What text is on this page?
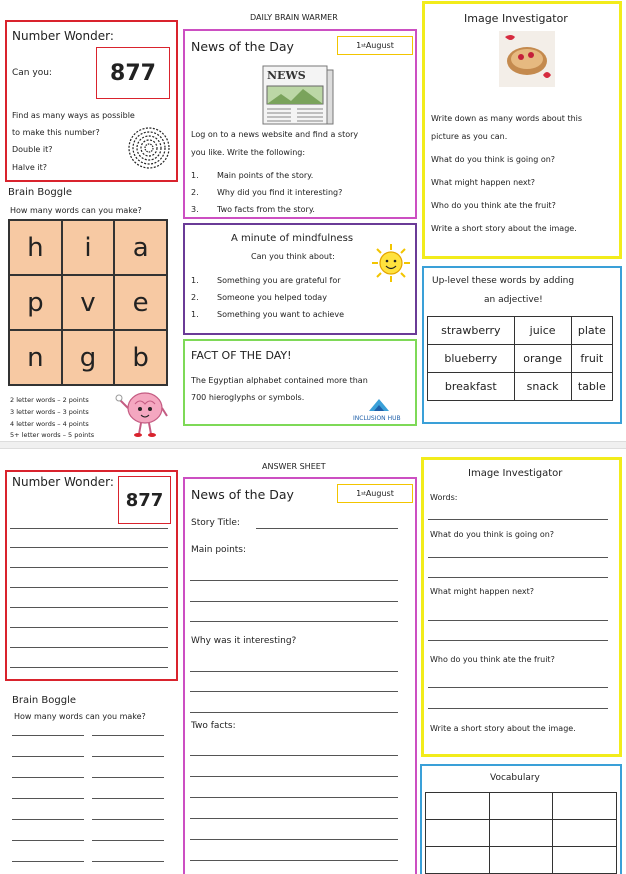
DAILY BRAIN WARMER
Number Wonder:
Can you:	877
Find as many ways as possible
to make this number?
Double it?
Halve it?
Brain Boggle
How many words can you make?
h	i	a
p	v	e
n	g	b
2 letter words – 2 points
3 letter words – 3 points
4 letter words – 4 points
5+ letter words – 5 points
News of the Day	1 st August
NEWS
Log on to a news website and find a story
you like. Write the following:
1. Main points of the story.
2. Why did you find it interesting?
3. Two facts from the story.
A minute of mindfulness
Can you think about:
1. Something you are grateful for
2. Someone you helped today
1. Something you want to achieve
FACT OF THE DAY!
The Egyptian alphabet contained more than
700 hieroglyphs or symbols.
INCLUSION HUB
Image Investigator
Write down as many words about this
picture as you can.
What do you think is going on?
What might happen next?
Who do you think ate the fruit?
Write a short story about the image.
Up-level these words by adding
an adjective!
strawberry	juice	plate
blueberry	orange	fruit
breakfast	snack	table
ANSWER SHEET
Number Wonder:
877
Brain Boggle
How many words can you make?
News of the Day	1 st August
Story Title:
Main points:
Why was it interesting?
Two facts:
Image Investigator
Words:
What do you think is going on?
What might happen next?
Who do you think ate the fruit?
Write a short story about the image.
Vocabulary
